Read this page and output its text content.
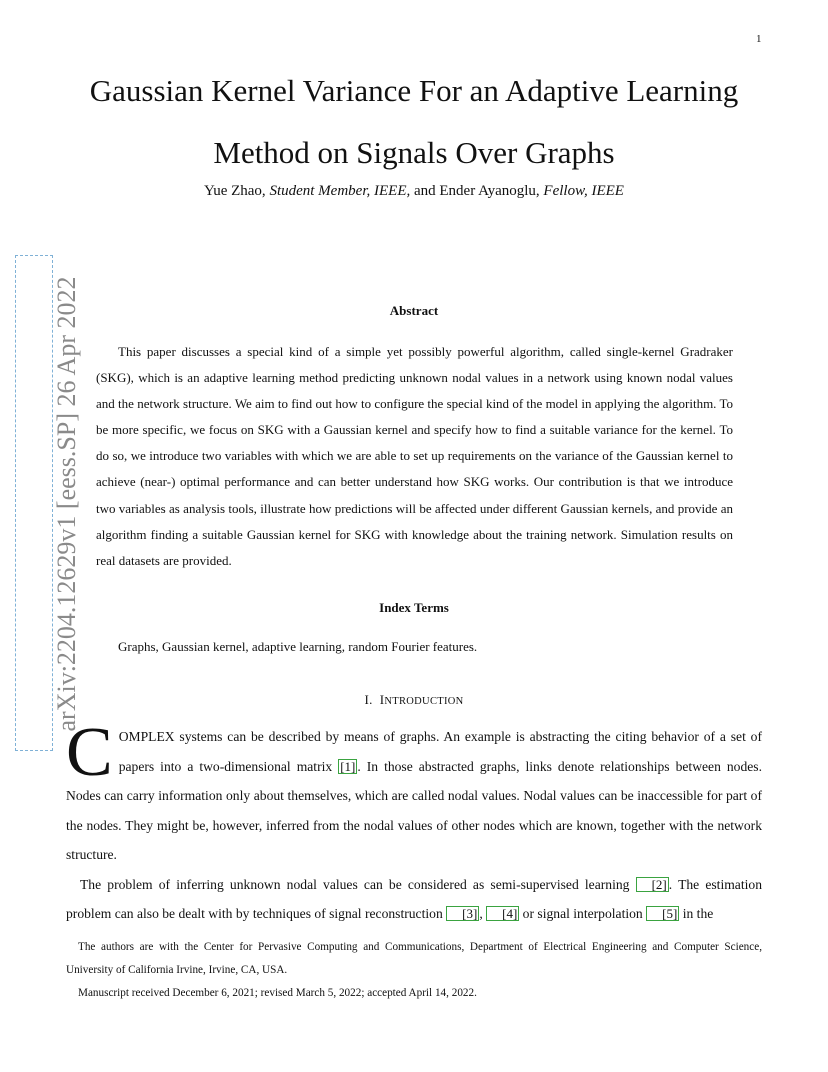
1
Gaussian Kernel Variance For an Adaptive Learning Method on Signals Over Graphs
Yue Zhao, Student Member, IEEE, and Ender Ayanoglu, Fellow, IEEE
arXiv:2204.12629v1 [eess.SP] 26 Apr 2022	Abstract
This paper discusses a special kind of a simple yet possibly powerful algorithm, called single-kernel Gradraker (SKG), which is an adaptive learning method predicting unknown nodal values in a network using known nodal values and the network structure. We aim to find out how to configure the special kind of the model in applying the algorithm. To be more specific, we focus on SKG with a Gaussian kernel and specify how to find a suitable variance for the kernel. To do so, we introduce two variables with which we are able to set up requirements on the variance of the Gaussian kernel to achieve (near-) optimal performance and can better understand how SKG works. Our contribution is that we introduce two variables as analysis tools, illustrate how predictions will be affected under different Gaussian kernels, and provide an algorithm finding a suitable Gaussian kernel for SKG with knowledge about the training network. Simulation results on real datasets are provided.
Index Terms
Graphs, Gaussian kernel, adaptive learning, random Fourier features.
I. INTRODUCTION

COMPLEX systems can be described by means of graphs. An example is abstracting the citing behavior of a set of papers into a two-dimensional matrix [1] . In those abstracted graphs, links denote relationships between nodes. Nodes can carry information only about themselves, which are called nodal values. Nodal values can be inaccessible for part of the nodes. They might be, however, inferred from the nodal values of other nodes which are known, together with the network structure.

The problem of inferring unknown nodal values can be considered as semi-supervised learning [2] . The estimation problem can also be dealt with by techniques of signal reconstruction [3] , [4] or signal interpolation [5] in the

The authors are with the Center for Pervasive Computing and Communications, Department of Electrical Engineering and Computer Science, University of California Irvine, Irvine, CA, USA.

Manuscript received December 6, 2021; revised March 5, 2022; accepted April 14, 2022.
